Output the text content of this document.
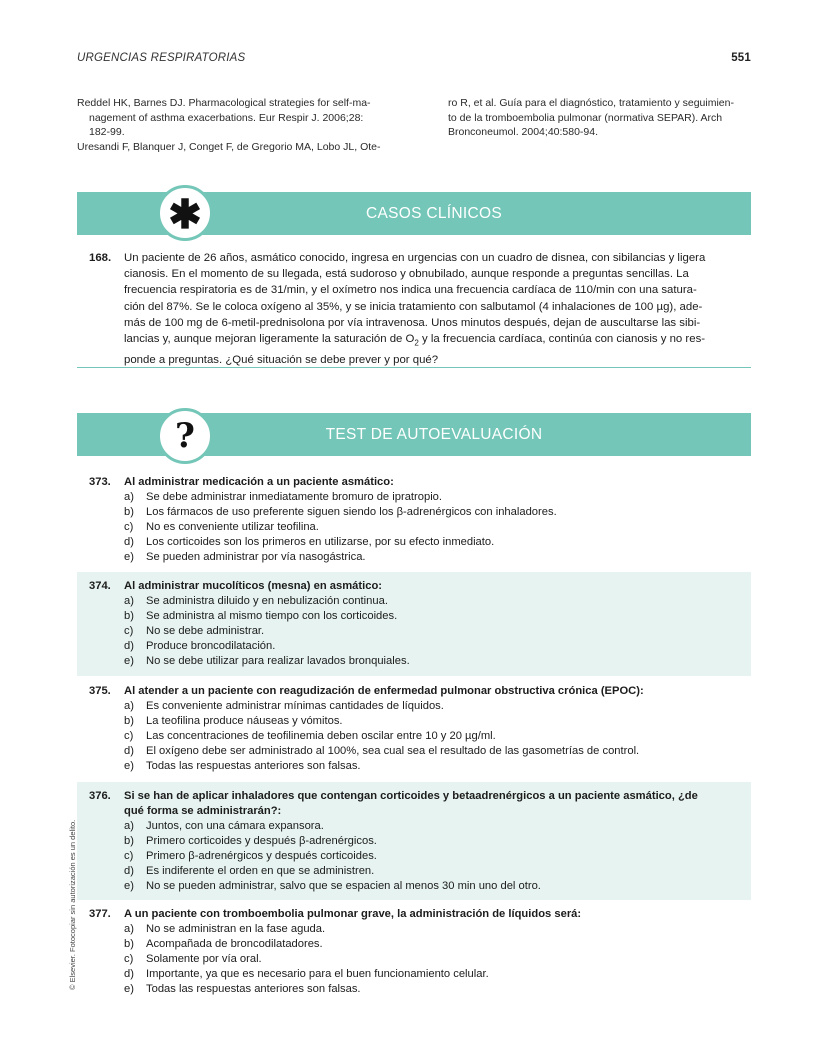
URGENCIAS RESPIRATORIAS	551

Reddel HK, Barnes DJ. Pharmacological strategies for self-ma-
nagement of asthma exacerbations. Eur Respir J. 2006;28:
182-99.

Uresandi F, Blanquer J, Conget F, de Gregorio MA, Lobo JL, Ote-

ro R, et al. Guía para el diagnóstico, tratamiento y seguimien-
to de la tromboembolia pulmonar (normativa SEPAR). Arch
Bronconeumol. 2004;40:580-94.

CASOS CLÍNICOS
✱
168. Un paciente de 26 años, asmático conocido, ingresa en urgencias con un cuadro de disnea, con sibilancias y ligera
cianosis. En el momento de su llegada, está sudoroso y obnubilado, aunque responde a preguntas sencillas. La
frecuencia respiratoria es de 31/min, y el oxímetro nos indica una frecuencia cardíaca de 110/min con una satura-
ción del 87%. Se le coloca oxígeno al 35%, y se inicia tratamiento con salbutamol (4 inhalaciones de 100 µg), ade-
más de 100 mg de 6-metil-prednisolona por vía intravenosa. Unos minutos después, dejan de auscultarse las sibi-
lancias y, aunque mejoran ligeramente la saturación de $O_2$ y la frecuencia cardíaca, continúa con cianosis y no res-
ponde a preguntas. ¿Qué situación se debe prever y por qué?
TEST DE AUTOEVALUACIÓN
?
373. Al administrar medicación a un paciente asmático:
a) Se debe administrar inmediatamente bromuro de ipratropio.
b) Los fármacos de uso preferente siguen siendo los β-adrenérgicos con inhaladores.
c) No es conveniente utilizar teofilina.
d) Los corticoides son los primeros en utilizarse, por su efecto inmediato.
e) Se pueden administrar por vía nasogástrica.
374. Al administrar mucolíticos (mesna) en asmático:
a) Se administra diluido y en nebulización continua.
b) Se administra al mismo tiempo con los corticoides.
c) No se debe administrar.
d) Produce broncodilatación.
e) No se debe utilizar para realizar lavados bronquiales.
375. Al atender a un paciente con reagudización de enfermedad pulmonar obstructiva crónica (EPOC):
a) Es conveniente administrar mínimas cantidades de líquidos.
b) La teofilina produce náuseas y vómitos.
c) Las concentraciones de teofilinemia deben oscilar entre 10 y 20 µg/ml.
d) El oxígeno debe ser administrado al 100%, sea cual sea el resultado de las gasometrías de control.
e) Todas las respuestas anteriores son falsas.
376. Si se han de aplicar inhaladores que contengan corticoides y betaadrenérgicos a un paciente asmático, ¿de
qué forma se administrarán?:
a) Juntos, con una cámara expansora.
b) Primero corticoides y después β-adrenérgicos.
c) Primero β-adrenérgicos y después corticoides.
d) Es indiferente el orden en que se administren.
e) No se pueden administrar, salvo que se espacien al menos 30 min uno del otro.
377. A un paciente con tromboembolia pulmonar grave, la administración de líquidos será:
a) No se administran en la fase aguda.
b) Acompañada de broncodilatadores.
c) Solamente por vía oral.
d) Importante, ya que es necesario para el buen funcionamiento celular.
e) Todas las respuestas anteriores son falsas.
© Elsevier. Fotocopiar sin autorización es un delito.
